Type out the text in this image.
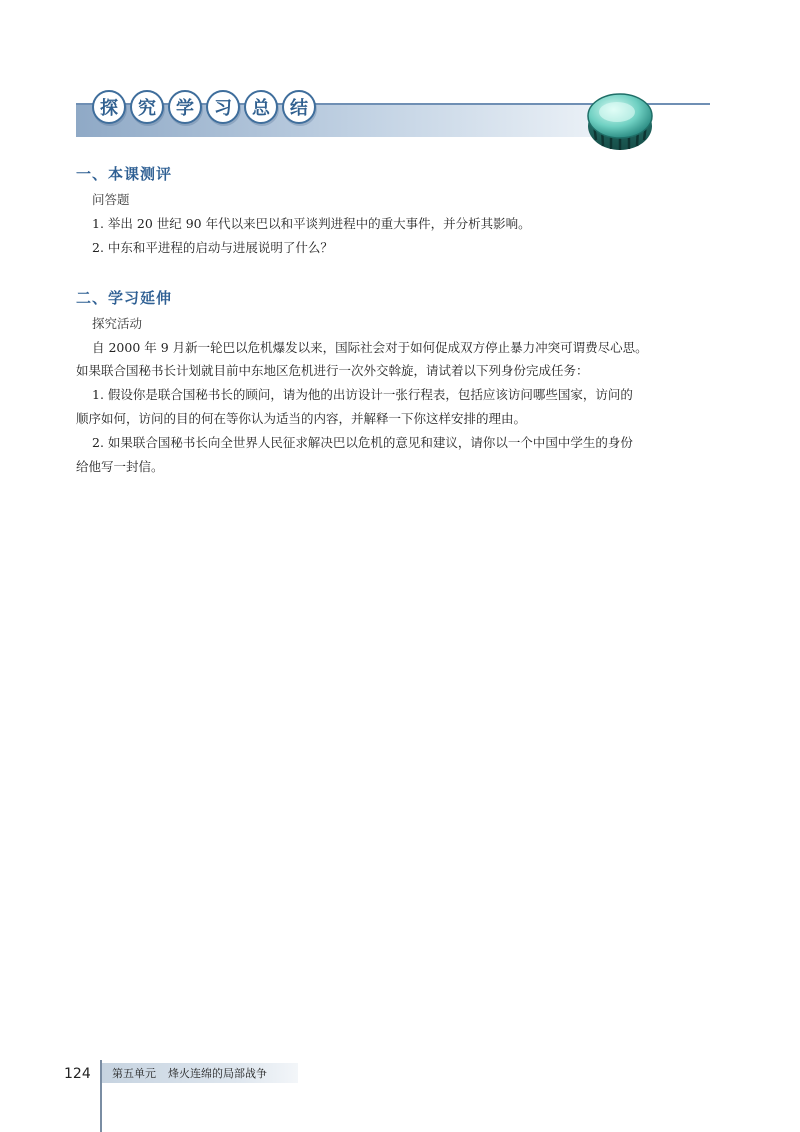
探	究	学	习	总	结
一、本课测评
问答题
1. 举出 20 世纪 90 年代以来巴以和平谈判进程中的重大事件，并分析其影响。
2. 中东和平进程的启动与进展说明了什么？
二、学习延伸
探究活动
自 2000 年 9 月新一轮巴以危机爆发以来，国际社会对于如何促成双方停止暴力冲突可谓费尽心思。
如果联合国秘书长计划就目前中东地区危机进行一次外交斡旋，请试着以下列身份完成任务：
1. 假设你是联合国秘书长的顾问，请为他的出访设计一张行程表，包括应该访问哪些国家，访问的
顺序如何，访问的目的何在等你认为适当的内容，并解释一下你这样安排的理由。
2. 如果联合国秘书长向全世界人民征求解决巴以危机的意见和建议，请你以一个中国中学生的身份
给他写一封信。
124 第五单元 烽火连绵的局部战争
